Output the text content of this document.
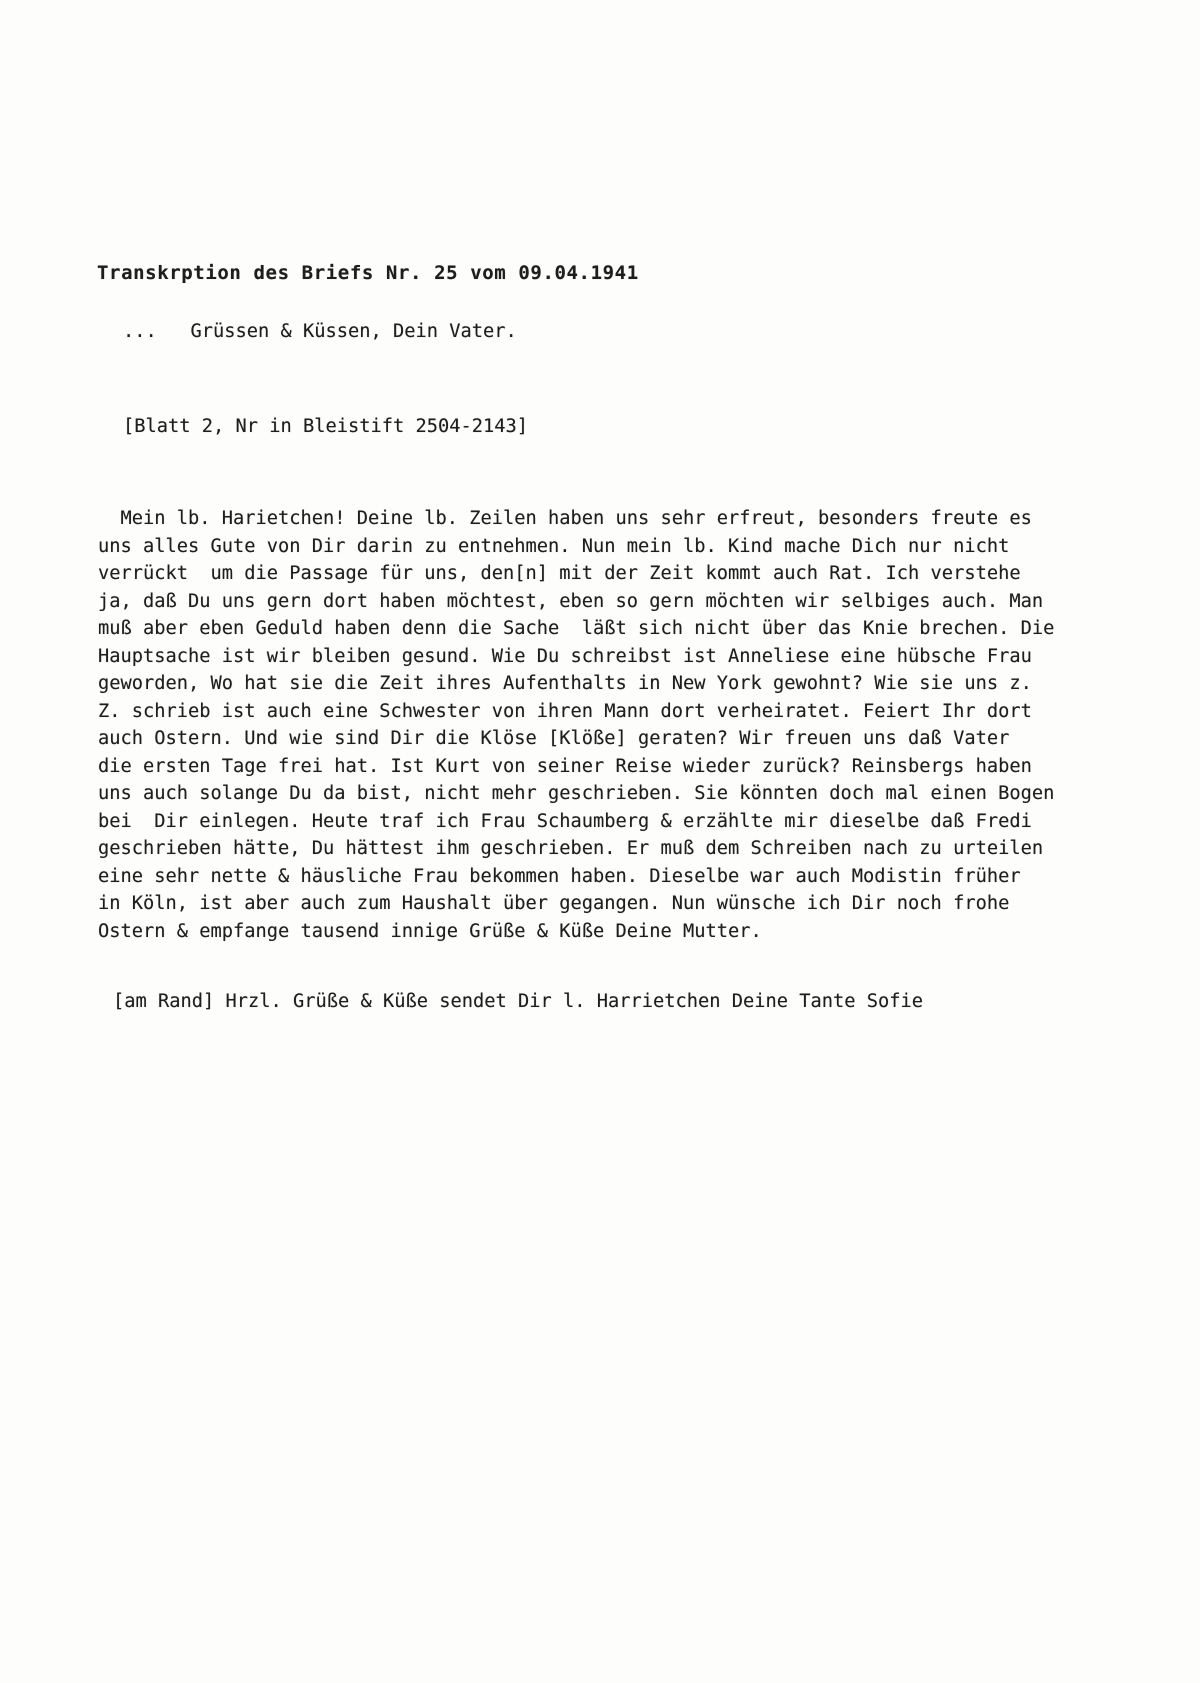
Transkrption des Briefs Nr. 25 vom 09.04.1941
...   Grüssen & Küssen, Dein Vater.
[Blatt 2, Nr in Bleistift 2504-2143]
Mein lb. Harietchen! Deine lb. Zeilen haben uns sehr erfreut, besonders freute es
uns alles Gute von Dir darin zu entnehmen. Nun mein lb. Kind mache Dich nur nicht
verrückt  um die Passage für uns, den[n] mit der Zeit kommt auch Rat. Ich verstehe
ja, daß Du uns gern dort haben möchtest, eben so gern möchten wir selbiges auch. Man
muß aber eben Geduld haben denn die Sache  läßt sich nicht über das Knie brechen. Die
Hauptsache ist wir bleiben gesund. Wie Du schreibst ist Anneliese eine hübsche Frau
geworden, Wo hat sie die Zeit ihres Aufenthalts in New York gewohnt? Wie sie uns z.
Z. schrieb ist auch eine Schwester von ihren Mann dort verheiratet. Feiert Ihr dort
auch Ostern. Und wie sind Dir die Klöse [Klöße] geraten? Wir freuen uns daß Vater
die ersten Tage frei hat. Ist Kurt von seiner Reise wieder zurück? Reinsbergs haben
uns auch solange Du da bist, nicht mehr geschrieben. Sie könnten doch mal einen Bogen
bei  Dir einlegen. Heute traf ich Frau Schaumberg & erzählte mir dieselbe daß Fredi
geschrieben hätte, Du hättest ihm geschrieben. Er muß dem Schreiben nach zu urteilen
eine sehr nette & häusliche Frau bekommen haben. Dieselbe war auch Modistin früher
in Köln, ist aber auch zum Haushalt über gegangen. Nun wünsche ich Dir noch frohe
Ostern & empfange tausend innige Grüße & Küße Deine Mutter.
[am Rand] Hrzl. Grüße & Küße sendet Dir l. Harrietchen Deine Tante Sofie
